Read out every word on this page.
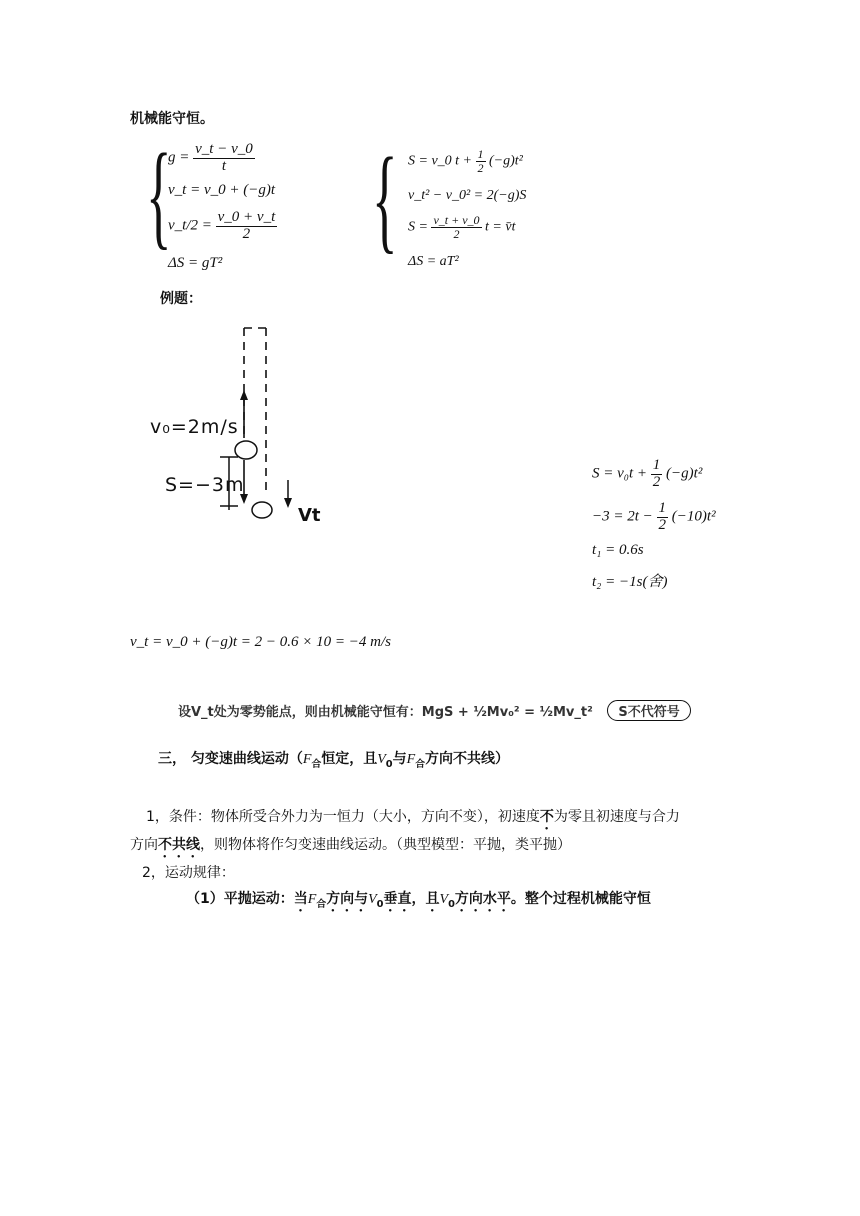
机械能守恒。
{
$g = \frac{v\_t - v\_0}{t}$
v_t = v_0 + (−g)t
v_t/2 = $\frac{v\_0 + v\_t}{2}$
ΔS = gT² { S = v_0 $t + \frac{1}{2} (-g)t^2$
v_t² − v_0² = 2(−g)S
$S = \frac{v\_t + v\_0}{2}$ t = v̄t
ΔS = aT²
例题：
v₀=2m/s
S=−3m
Vt
$S = v_0t + \frac{1}{2} (-g)t^2$
$-3 = 2t - \frac{1}{2} (-10)t^2$
t₁ = 0.6s
t₂ = −1s(舍)
v_t = v_0 + (−g)t = 2 − 0.6 × 10 = −4 m/s
设V_t处为零势能点，则由机械能守恒有：MgS + ½Mv₀² = ½Mv_t² S不代符号
三， 匀变速曲线运动（$F_合$恒定，且$V_0$与$F_合$方向不共线）
1，条件：物体所受合外力为一恒力（大小，方向不变），初速度不为零且初速度与合力
方向不共线，则物体将作匀变速曲线运动。（典型模型：平抛，类平抛）
2，运动规律：
（1）平抛运动：当$F_合$方向与$V_0$垂直，且$V_0$方向水平。整个过程机械能守恒
